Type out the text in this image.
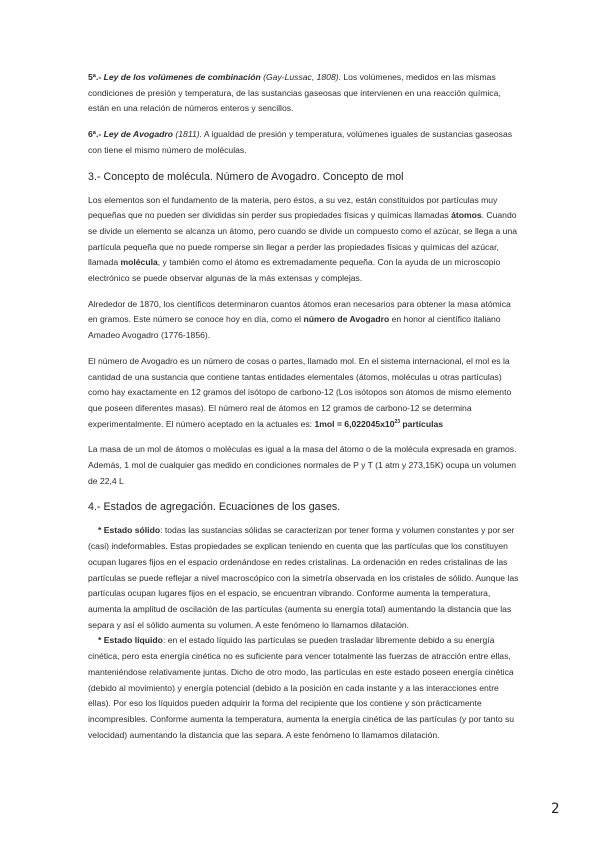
5ª.- Ley de los volúmenes de combinación (Gay-Lussac, 1808). Los volúmenes, medidos en las mismas condiciones de presión y temperatura, de las sustancias gaseosas que intervienen en una reacción química, están en una relación de números enteros y sencillos.

6ª.- Ley de Avogadro (1811). A igualdad de presión y temperatura, volúmenes iguales de sustancias gaseosas con tiene el mismo número de moléculas.

3.- Concepto de molécula. Número de Avogadro. Concepto de mol

Los elementos son el fundamento de la materia, pero éstos, a su vez, están constituidos por partículas muy pequeñas que no pueden ser divididas sin perder sus propiedades físicas y químicas llamadas átomos. Cuando se divide un elemento se alcanza un átomo, pero cuando se divide un compuesto como el azúcar, se llega a una partícula pequeña que no puede romperse sin llegar a perder las propiedades físicas y químicas del azúcar, llamada molécula, y también como el átomo es extremadamente pequeña. Con la ayuda de un microscopio electrónico se puede observar algunas de la más extensas y complejas.

Alrededor de 1870, los científicos determinaron cuantos átomos eran necesarios para obtener la masa atómica en gramos. Este número se conoce hoy en día, como el número de Avogadro en honor al científico italiano Amadeo Avogadro (1776-1856).

El número de Avogadro es un número de cosas o partes, llamado mol. En el sistema internacional, el mol es la cantidad de una sustancia que contiene tantas entidades elementales (átomos, moléculas u otras partículas) como hay exactamente en 12 gramos del isótopo de carbono-12 (Los isótopos son átomos de mismo elemento que poseen diferentes masas). El número real de átomos en 12 gramos de carbono-12 se determina experimentalmente. El número aceptado en la actuales es: $1mol = 6,022045x10^{23}$ partículas

La masa de un mol de átomos o moléculas es igual a la masa del átomo o de la molécula expresada en gramos. Además, 1 mol de cualquier gas medido en condiciones normales de P y T (1 atm y 273,15K) ocupa un volumen de 22,4 L

4.- Estados de agregación. Ecuaciones de los gases.

* Estado sólido: todas las sustancias sólidas se caracterizan por tener forma y volumen constantes y por ser (casi) indeformables. Estas propiedades se explican teniendo en cuenta que las partículas que los constituyen ocupan lugares fijos en el espacio ordenándose en redes cristalinas. La ordenación en redes cristalinas de las partículas se puede reflejar a nivel macroscópico con la simetría observada en los cristales de sólido. Aunque las partículas ocupan lugares fijos en el espacio, se encuentran vibrando. Conforme aumenta la temperatura, aumenta la amplitud de oscilación de las partículas (aumenta su energía total) aumentando la distancia que las separa y así el sólido aumenta su volumen. A este fenómeno lo llamamos dilatación.

* Estado líquido: en el estado líquido las partículas se pueden trasladar libremente debido a su energía cinética, pero esta energía cinética no es suficiente para vencer totalmente las fuerzas de atracción entre ellas, manteniéndose relativamente juntas. Dicho de otro modo, las partículas en este estado poseen energía cinética (debido al movimiento) y energía potencial (debido a la posición en cada instante y a las interacciones entre ellas). Por eso los líquidos pueden adquirir la forma del recipiente que los contiene y son prácticamente incompresibles. Conforme aumenta la temperatura, aumenta la energía cinética de las partículas (y por tanto su velocidad) aumentando la distancia que las separa. A este fenómeno lo llamamos dilatación.

2
